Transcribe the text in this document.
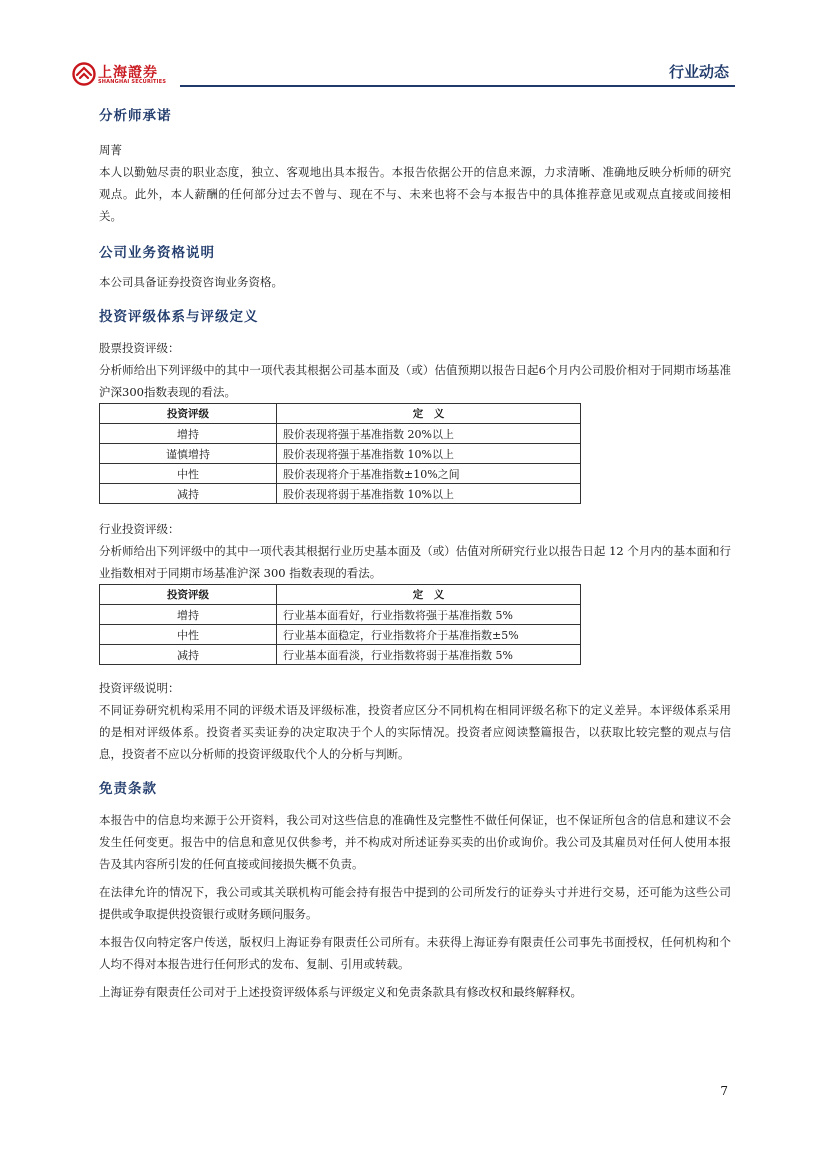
上海證券
SHANGHAI SECURITIES
行业动态
分析师承诺

周菁

本人以勤勉尽责的职业态度，独立、客观地出具本报告。本报告依据公开的信息来源，力求清晰、准确地反映分析师的研究观点。此外，本人薪酬的任何部分过去不曾与、现在不与、未来也将不会与本报告中的具体推荐意见或观点直接或间接相关。

公司业务资格说明

本公司具备证券投资咨询业务资格。

投资评级体系与评级定义

股票投资评级：

分析师给出下列评级中的其中一项代表其根据公司基本面及（或）估值预期以报告日起6个月内公司股价相对于同期市场基准沪深300指数表现的看法。

投资评级	定　义
增持	股价表现将强于基准指数 20%以上
谨慎增持	股价表现将强于基准指数 10%以上
中性	股价表现将介于基准指数±10%之间
减持	股价表现将弱于基准指数 10%以上

行业投资评级：

分析师给出下列评级中的其中一项代表其根据行业历史基本面及（或）估值对所研究行业以报告日起 12 个月内的基本面和行业指数相对于同期市场基准沪深 300 指数表现的看法。

投资评级	定　义
增持	行业基本面看好，行业指数将强于基准指数 5%
中性	行业基本面稳定，行业指数将介于基准指数±5%
减持	行业基本面看淡，行业指数将弱于基准指数 5%

投资评级说明：

不同证券研究机构采用不同的评级术语及评级标准，投资者应区分不同机构在相同评级名称下的定义差异。本评级体系采用的是相对评级体系。投资者买卖证券的决定取决于个人的实际情况。投资者应阅读整篇报告，以获取比较完整的观点与信息，投资者不应以分析师的投资评级取代个人的分析与判断。

免责条款

本报告中的信息均来源于公开资料，我公司对这些信息的准确性及完整性不做任何保证，也不保证所包含的信息和建议不会发生任何变更。报告中的信息和意见仅供参考，并不构成对所述证券买卖的出价或询价。我公司及其雇员对任何人使用本报告及其内容所引发的任何直接或间接损失概不负责。

在法律允许的情况下，我公司或其关联机构可能会持有报告中提到的公司所发行的证券头寸并进行交易，还可能为这些公司提供或争取提供投资银行或财务顾问服务。

本报告仅向特定客户传送，版权归上海证券有限责任公司所有。未获得上海证券有限责任公司事先书面授权，任何机构和个人均不得对本报告进行任何形式的发布、复制、引用或转载。

上海证券有限责任公司对于上述投资评级体系与评级定义和免责条款具有修改权和最终解释权。

7
